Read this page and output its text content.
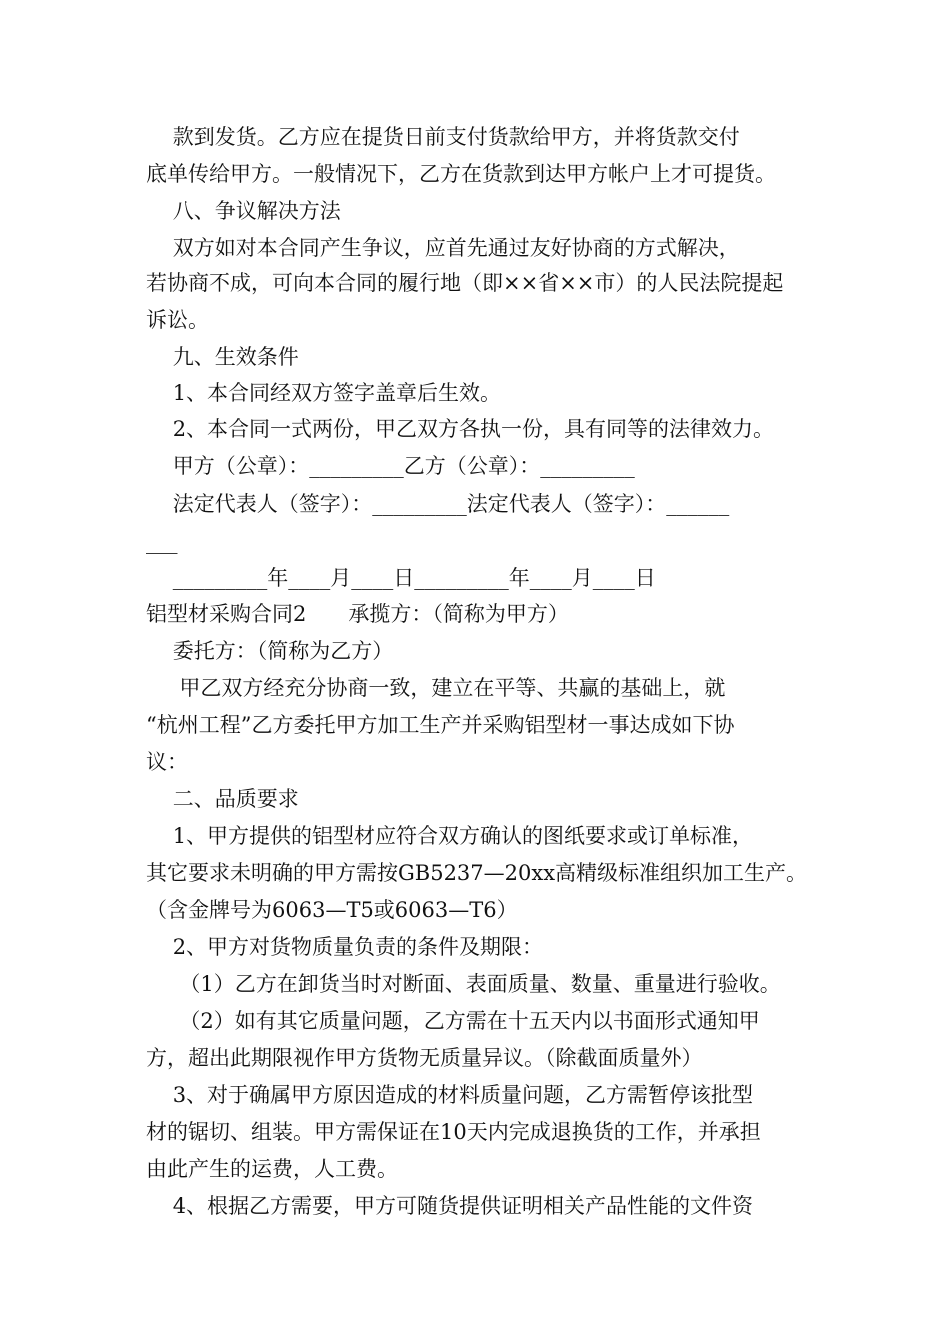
款到发货。乙方应在提货日前支付货款给甲方，并将货款交付
底单传给甲方。一般情况下，乙方在货款到达甲方帐户上才可提货。
八、争议解决方法
双方如对本合同产生争议，应首先通过友好协商的方式解决，
若协商不成，可向本合同的履行地（即××省××市）的人民法院提起
诉讼。
九、生效条件
1、本合同经双方签字盖章后生效。
2、本合同一式两份，甲乙双方各执一份，具有同等的法律效力。
甲方（公章）：_________乙方（公章）：_________
法定代表人（签字）：_________法定代表人（签字）：______
___
_________年____月____日_________年____月____日
铝型材采购合同2　　承揽方：（简称为甲方）
委托方：（简称为乙方）
甲乙双方经充分协商一致，建立在平等、共赢的基础上，就
“杭州工程”乙方委托甲方加工生产并采购铝型材一事达成如下协
议：
二、品质要求
1、甲方提供的铝型材应符合双方确认的图纸要求或订单标准，
其它要求未明确的甲方需按GB5237—20xx高精级标准组织加工生产。
（含金牌号为6063—T5或6063—T6）
2、甲方对货物质量负责的条件及期限：
（1）乙方在卸货当时对断面、表面质量、数量、重量进行验收。
（2）如有其它质量问题，乙方需在十五天内以书面形式通知甲
方，超出此期限视作甲方货物无质量异议。（除截面质量外）
3、对于确属甲方原因造成的材料质量问题，乙方需暂停该批型
材的锯切、组装。甲方需保证在10天内完成退换货的工作，并承担
由此产生的运费，人工费。
4、根据乙方需要，甲方可随货提供证明相关产品性能的文件资
